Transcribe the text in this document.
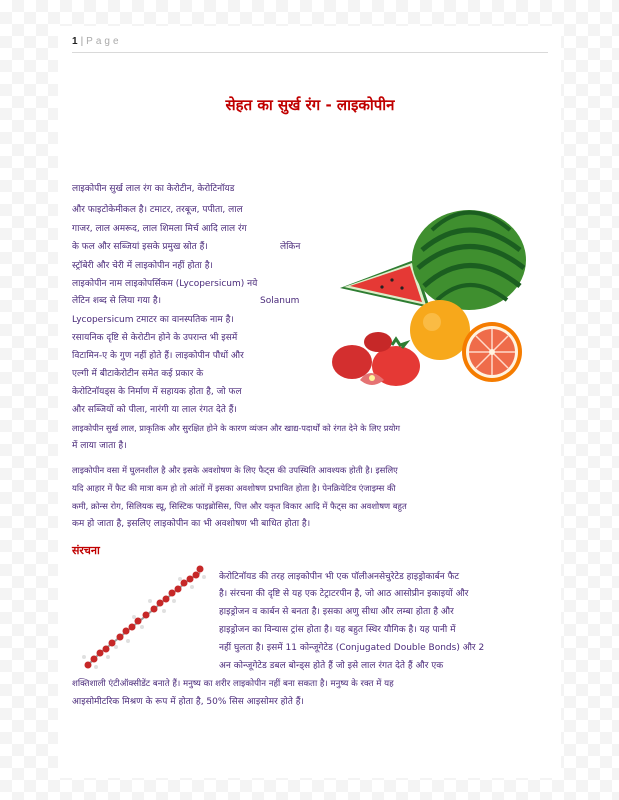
1 | Page
सेहत का सुर्ख रंग - लाइकोपीन
लाइकोपीन सुर्ख लाल रंग का केरोटीन, केरोटिनॉयड
और फाइटोकेमीकल है। टमाटर, तरबूज, पपीता, लाल
गाजर, लाल अमरूद, लाल शिमला मिर्च आदि लाल रंग
के फल और सब्जियां इसके प्रमुख स्रोत हैं।	लेकिन
स्ट्रॉबेरी और चेरी में लाइकोपीन नहीं होता है।
लाइकोपीन नाम लाइकोपर्सिकम (Lycopersicum) नये
लेटिन शब्द से लिया गया है।	Solanum
Lycopersicum टमाटर का वानस्पतिक नाम है।
रसायनिक दृष्टि से केरोटीन होने के उपरान्त भी इसमें
विटामिन-ए के गुण नहीं होते हैं। लाइकोपीन पौधों और
एल्गी में बीटाकेरोटीन समेत कई प्रकार के
केरोटिनॉयड्स के निर्माण में सहायक होता है, जो फल
और सब्जियों को पीला, नारंगी या लाल रंगत देते हैं।
लाइकोपीन सुर्ख लाल, प्राकृतिक और सुरक्षित होने के कारण व्यंजन और खाद्य-पदार्थों को रंगत देने के लिए प्रयोग
में लाया जाता है।
लाइकोपीन वसा में घुलनशील है और इसके अवशोषण के लिए फैट्स की उपस्थिति आवश्यक होती है। इसलिए
यदि आहार में फैट की मात्रा कम हो तो आंतों में इसका अवशोषण प्रभावित होता है। पेनक्रियेटिव एंजाइम्स की
कमी, क्रोन्स रोग, सिलियक स्प्रू, सिस्टिक फाइब्रोसिस, पित्त और यकृत विकार आदि में फैट्स का अवशोषण बहुत
कम हो जाता है, इसलिए लाइकोपीन का भी अवशोषण भी बाधित होता है।
संरचना
केरोटिनॉयड की तरह लाइकोपीन भी एक पॉलीअनसेचुरेटेड हाइड्रोकार्बन फैट
है। संरचना की दृष्टि से यह एक टेट्राटरपीन है, जो आठ आसोप्रीन इकाइयों और
हाइड्रोजन व कार्बन से बनता है। इसका अणु सीधा और लम्बा होता है और
हाइड्रोजन का विन्यास ट्रांस होता है। यह बहुत स्थिर यौगिक है। यह पानी में
नहीं घुलता है। इसमें 11 कोन्जूगेटेड (Conjugated Double Bonds) और 2
अन कोन्जूगेटेड डबल बोन्ड्स होते हैं जो इसे लाल रंगत देते हैं और एक
शक्तिशाली एंटीऑक्सीडेंट बनाते हैं। मनुष्य का शरीर लाइकोपीन नहीं बना सकता है। मनुष्य के रक्त में यह
आइसोमीटरिक मिश्रण के रूप में होता है, 50% सिस आइसोमर होते हैं।
